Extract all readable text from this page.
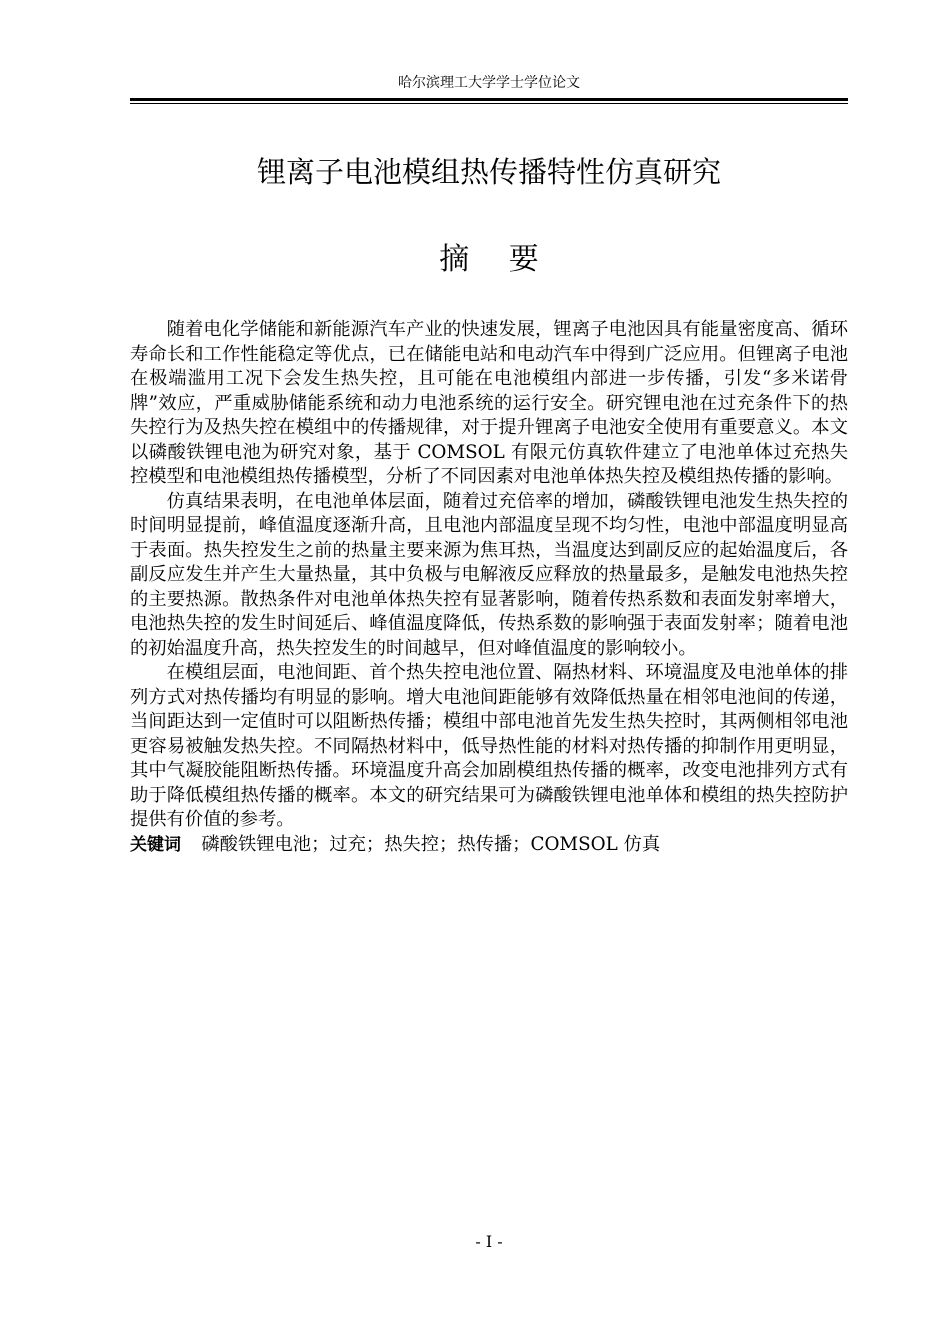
哈尔滨理工大学学士学位论文
锂离子电池模组热传播特性仿真研究
摘 要

随着电化学储能和新能源汽车产业的快速发展，锂离子电池因具有能量密度高、循环寿命长和工作性能稳定等优点，已在储能电站和电动汽车中得到广泛应用。但锂离子电池在极端滥用工况下会发生热失控，且可能在电池模组内部进一步传播，引发“多米诺骨牌”效应，严重威胁储能系统和动力电池系统的运行安全。研究锂电池在过充条件下的热失控行为及热失控在模组中的传播规律，对于提升锂离子电池安全使用有重要意义。本文以磷酸铁锂电池为研究对象，基于 COMSOL 有限元仿真软件建立了电池单体过充热失控模型和电池模组热传播模型，分析了不同因素对电池单体热失控及模组热传播的影响。

仿真结果表明，在电池单体层面，随着过充倍率的增加，磷酸铁锂电池发生热失控的时间明显提前，峰值温度逐渐升高，且电池内部温度呈现不均匀性，电池中部温度明显高于表面。热失控发生之前的热量主要来源为焦耳热，当温度达到副反应的起始温度后，各副反应发生并产生大量热量，其中负极与电解液反应释放的热量最多，是触发电池热失控的主要热源。散热条件对电池单体热失控有显著影响，随着传热系数和表面发射率增大，电池热失控的发生时间延后、峰值温度降低，传热系数的影响强于表面发射率；随着电池的初始温度升高，热失控发生的时间越早，但对峰值温度的影响较小。

在模组层面，电池间距、首个热失控电池位置、隔热材料、环境温度及电池单体的排列方式对热传播均有明显的影响。增大电池间距能够有效降低热量在相邻电池间的传递，当间距达到一定值时可以阻断热传播；模组中部电池首先发生热失控时，其两侧相邻电池更容易被触发热失控。不同隔热材料中，低导热性能的材料对热传播的抑制作用更明显，其中气凝胶能阻断热传播。环境温度升高会加剧模组热传播的概率，改变电池排列方式有助于降低模组热传播的概率。本文的研究结果可为磷酸铁锂电池单体和模组的热失控防护提供有价值的参考。

关键词 磷酸铁锂电池；过充；热失控；热传播；COMSOL 仿真
- I -
